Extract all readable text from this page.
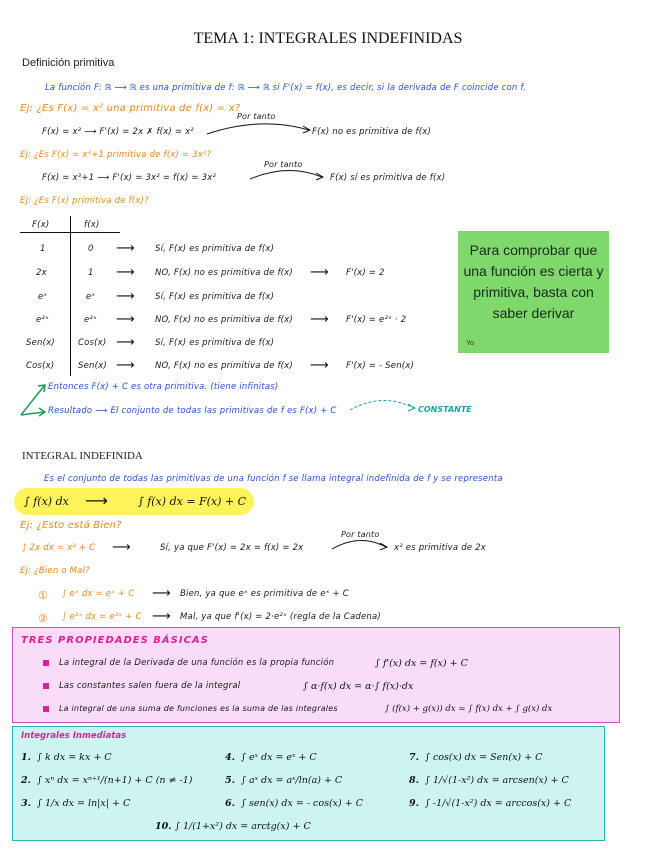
TEMA 1: INTEGRALES INDEFINIDAS
Definición primitiva
La función F: ℝ ⟶ ℝ es una primitiva de f: ℝ ⟶ ℝ si F'(x) = f(x), es decir, si la derivada de F coincide con f.
Ej: ¿Es F(x) = x² una primitiva de f(x) = x?
F(x) = x² ⟶ F'(x) = 2x ✗ f(x) = x²
Por tanto
F(x) no es primitiva de f(x)
Ej: ¿Es F(x) = x³+1 primitiva de f(x) = 3x²?
F(x) = x³+1 ⟶ F'(x) = 3x² = f(x) = 3x²
Por tanto
F(x) sí es primitiva de f(x)
Ej: ¿Es F(x) primitiva de f(x)?
F(x)	f(x)
1	0 ⟶ Sí, F(x) es primitiva de f(x)
2x	1 ⟶ NO, F(x) no es primitiva de f(x) ⟶ F'(x) = 2
eˣ	eˣ ⟶ Sí, F(x) es primitiva de f(x)
e²ˣ	e²ˣ ⟶ NO, F(x) no es primitiva de f(x) ⟶ F'(x) = e²ˣ · 2
Sen(x)	Cos(x) ⟶ Sí, F(x) es primitiva de f(x)
Cos(x)	Sen(x) ⟶ NO, F(x) no es primitiva de f(x) ⟶ F'(x) = - Sen(x)
Para comprobar que una función es cierta y primitiva, basta con saber derivar
Yo
Entonces F(x) + C es otra primitiva. (tiene infinitas)
Resultado ⟶ El conjunto de todas las primitivas de f es F(x) + C	CONSTANTE
INTEGRAL INDEFINIDA
Es el conjunto de todas las primitivas de una función f se llama integral indefinida de f y se representa
∫ f(x) dx ⟶	∫ f(x) dx = F(x) + C
Ej: ¿Esto está Bien?
∫ 2x dx = x² + C ⟶	Sí, ya que F'(x) = 2x = f(x) = 2x
Por tanto
x² es primitiva de 2x
Ej: ¿Bien o Mal?
① ∫ eˣ dx = eˣ + C ⟶ Bien, ya que eˣ es primitiva de eˣ + C
② ∫ e²ˣ dx = e²ˣ + C ⟶ Mal, ya que f'(x) = 2·e²ˣ (regla de la Cadena)
TRES PROPIEDADES BÁSICAS
La integral de la Derivada de una función es la propia función	∫ f'(x) dx = f(x) + C
Las constantes salen fuera de la integral	∫ α·f(x) dx = α·∫ f(x)·dx
La integral de una suma de funciones es la suma de las integrales	∫ (f(x) + g(x)) dx = ∫ f(x) dx + ∫ g(x) dx
Integrales Inmediatas
1. ∫ k dx = kx + C
2. ∫ xⁿ dx = xⁿ⁺¹/(n+1) + C (n ≠ -1)
3. ∫ 1/x dx = ln|x| + C
4. ∫ eˣ dx = eˣ + C
5. ∫ aˣ dx = aˣ/ln(a) + C
6. ∫ sen(x) dx = - cos(x) + C
7. ∫ cos(x) dx = Sen(x) + C
8. ∫ 1/√(1-x²) dx = arcsen(x) + C
9. ∫ -1/√(1-x²) dx = arccos(x) + C
10. ∫ 1/(1+x²) dx = arctg(x) + C
